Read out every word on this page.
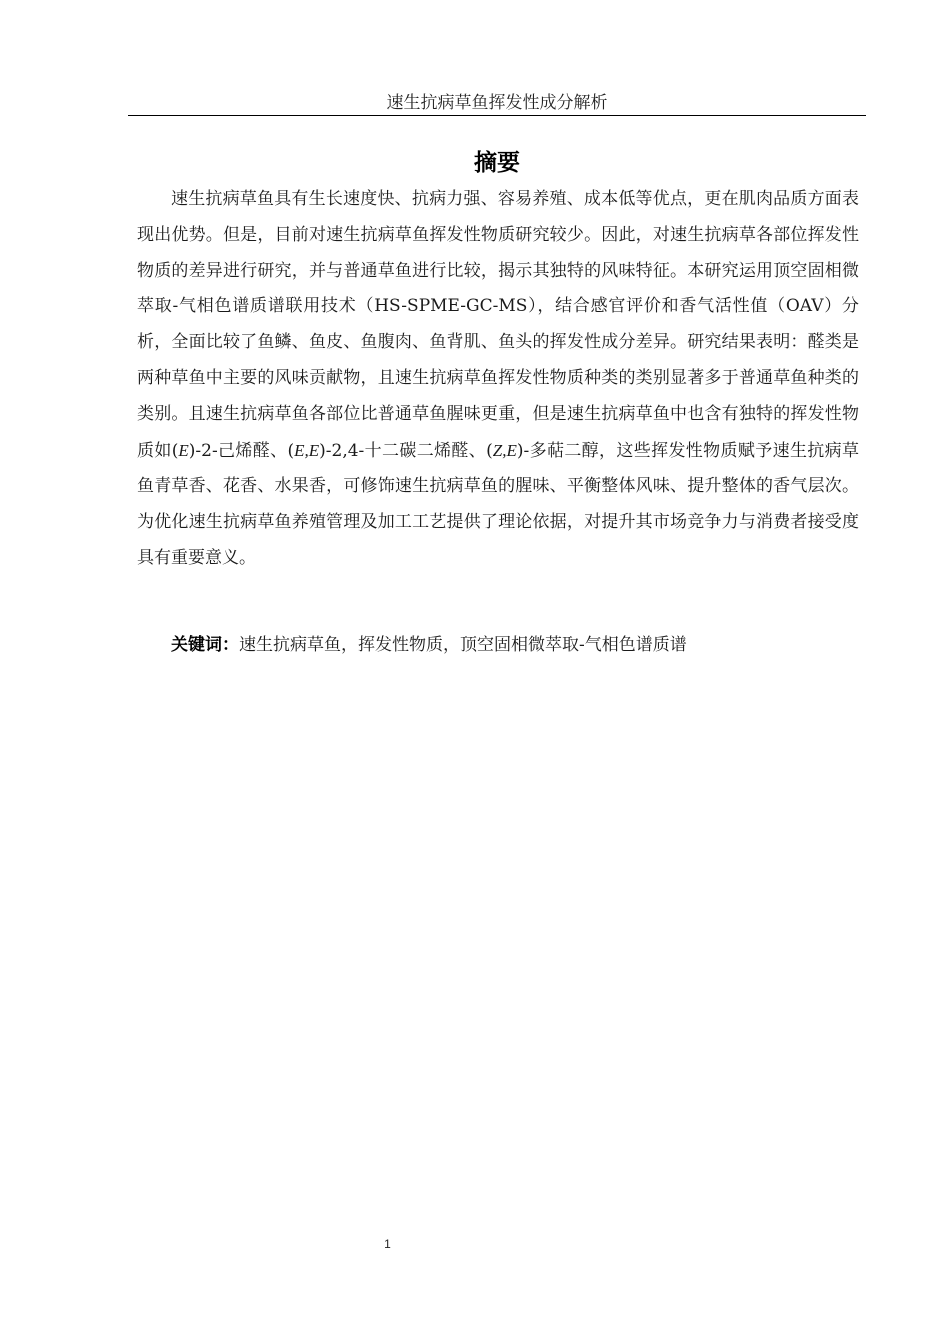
速生抗病草鱼挥发性成分解析
摘要

速生抗病草鱼具有生长速度快、抗病力强、容易养殖、成本低等优点，更在肌肉品质方面表现出优势。但是，目前对速生抗病草鱼挥发性物质研究较少。因此，对速生抗病草各部位挥发性物质的差异进行研究，并与普通草鱼进行比较，揭示其独特的风味特征。本研究运用顶空固相微萃取-气相色谱质谱联用技术（HS-SPME-GC-MS），结合感官评价和香气活性值（OAV）分析，全面比较了鱼鳞、鱼皮、鱼腹肉、鱼背肌、鱼头的挥发性成分差异。研究结果表明：醛类是两种草鱼中主要的风味贡献物，且速生抗病草鱼挥发性物质种类的类别显著多于普通草鱼种类的类别。且速生抗病草鱼各部位比普通草鱼腥味更重，但是速生抗病草鱼中也含有独特的挥发性物质如(E)-2-己烯醛、(E,E)-2,4-十二碳二烯醛、(Z,E)-多萜二醇，这些挥发性物质赋予速生抗病草鱼青草香、花香、水果香，可修饰速生抗病草鱼的腥味、平衡整体风味、提升整体的香气层次。为优化速生抗病草鱼养殖管理及加工工艺提供了理论依据，对提升其市场竞争力与消费者接受度具有重要意义。

关键词：速生抗病草鱼，挥发性物质，顶空固相微萃取-气相色谱质谱

1
